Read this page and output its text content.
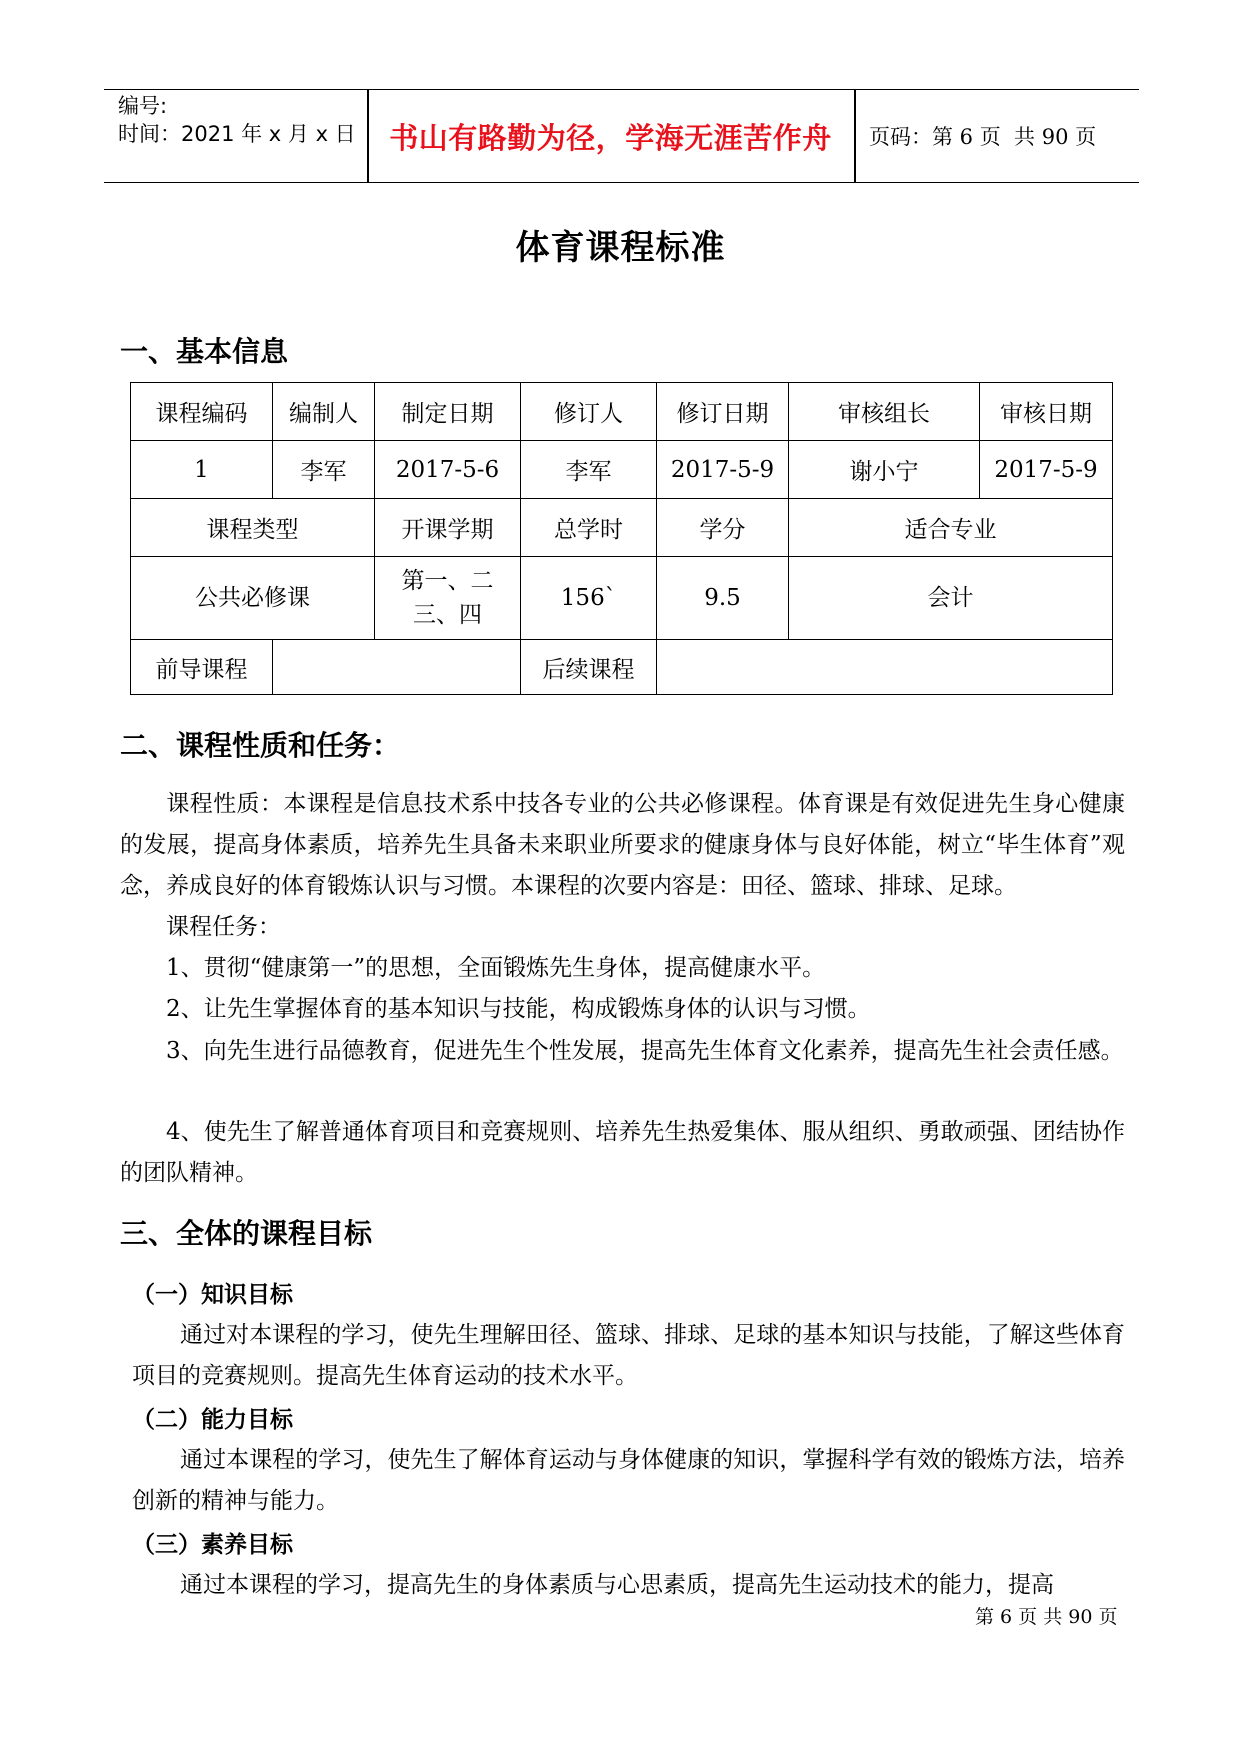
编号:
时间：2021 年 x 月 x 日	书山有路勤为径，学海无涯苦作舟	页码：第 6 页  共 90 页
体育课程标准
一、基本信息
课程编码	编制人	制定日期	修订人	修订日期	审核组长	审核日期
1	李军	2017-5-6	李军	2017-5-9	谢小宁	2017-5-9
课程类型		开课学期	总学时	学分	适合专业	
公共必修课		第一、二三、四	156`	9.5	会计	
前导课程			后续课程			
二、课程性质和任务：
课程性质：本课程是信息技术系中技各专业的公共必修课程。体育课是有效促进先生身心健康的发展，提高身体素质，培养先生具备未来职业所要求的健康身体与良好体能，树立“毕生体育”观念，养成良好的体育锻炼认识与习惯。本课程的次要内容是：田径、篮球、排球、足球。
课程任务：
1、贯彻“健康第一”的思想，全面锻炼先生身体，提高健康水平。
2、让先生掌握体育的基本知识与技能，构成锻炼身体的认识与习惯。
3、向先生进行品德教育，促进先生个性发展，提高先生体育文化素养，提高先生社会责任感。
4、使先生了解普通体育项目和竞赛规则、培养先生热爱集体、服从组织、勇敢顽强、团结协作的团队精神。
三、全体的课程目标
（一）知识目标
通过对本课程的学习，使先生理解田径、篮球、排球、足球的基本知识与技能，了解这些体育项目的竞赛规则。提高先生体育运动的技术水平。
（二）能力目标
通过本课程的学习，使先生了解体育运动与身体健康的知识，掌握科学有效的锻炼方法，培养创新的精神与能力。
（三）素养目标
通过本课程的学习，提高先生的身体素质与心思素质，提高先生运动技术的能力，提高
第 6 页 共 90 页
